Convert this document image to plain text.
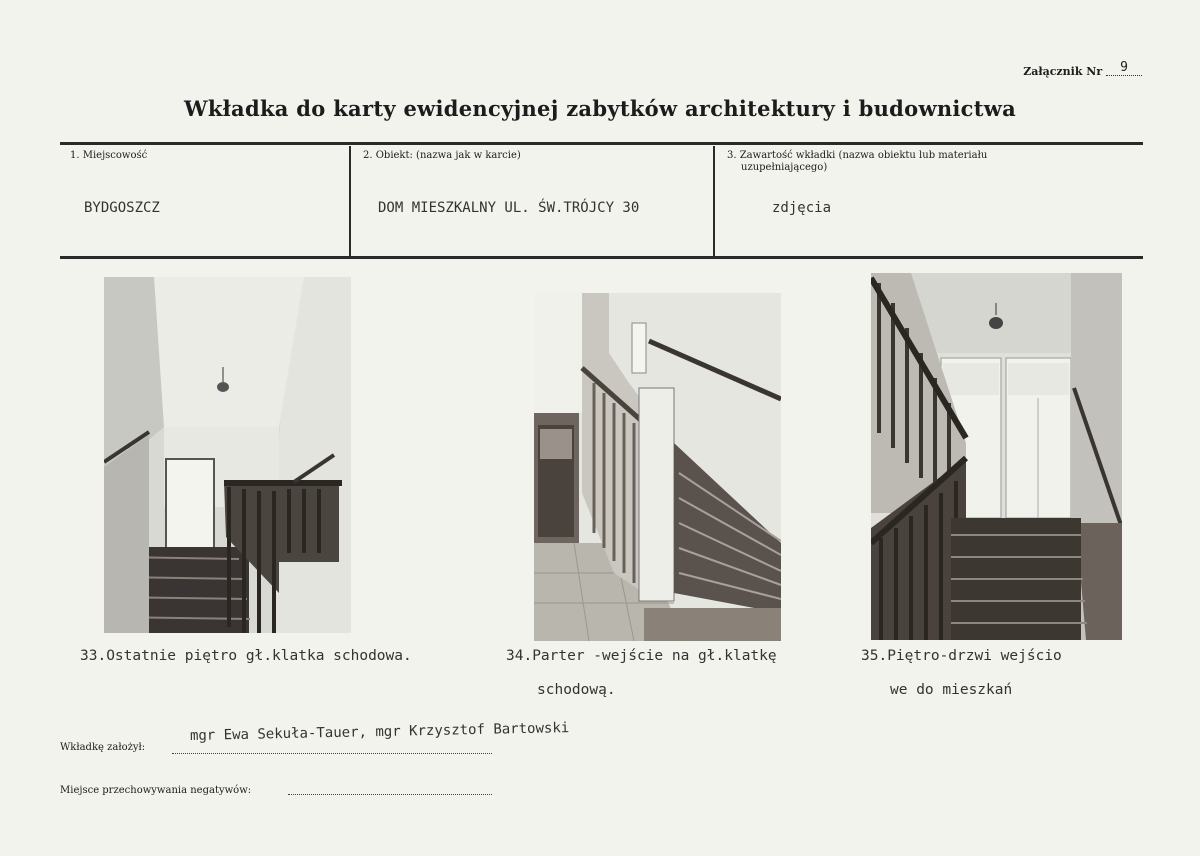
Załącznik Nr 9
Wkładka do karty ewidencyjnej zabytków architektury i budownictwa
1. Miejscowość
BYDGOSZCZ
2. Obiekt: (nazwa jak w karcie)
DOM MIESZKALNY UL. ŚW.TRÓJCY 30
3. Zawartość wkładki (nazwa obiektu lub materiału
uzupełniającego)
zdjęcia
33.Ostatnie piętro gł.klatka schodowa.	34.Parter -wejście na gł.klatkę
schodową.
35.Piętro-drzwi wejścio
we do mieszkań
Wkładkę założył:
mgr Ewa Sekuła-Tauer, mgr Krzysztof Bartowski
Miejsce przechowywania negatywów:
